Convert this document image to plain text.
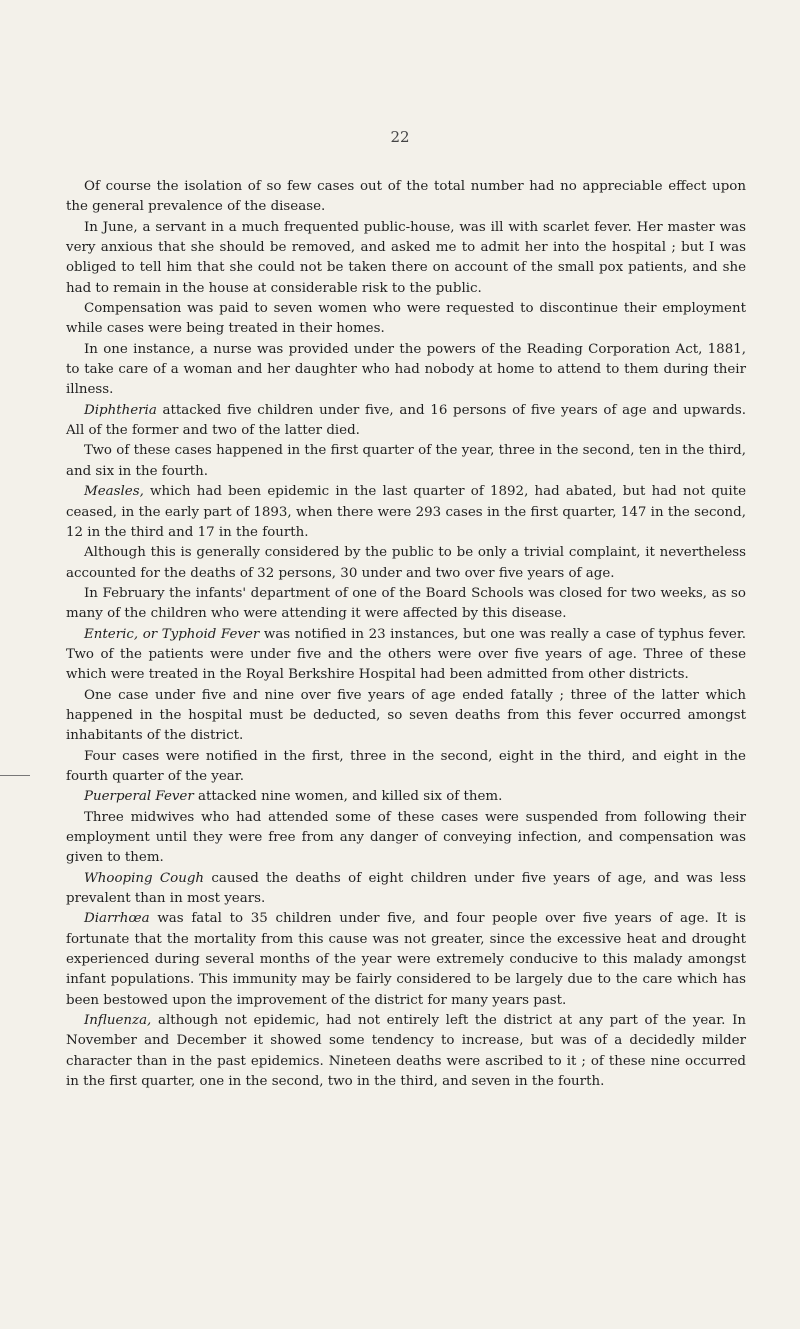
22

Of course the isolation of so few cases out of the total number had no appreciable effect upon the general prevalence of the disease.

In June, a servant in a much frequented public-house, was ill with scarlet fever. Her master was very anxious that she should be removed, and asked me to admit her into the hospital ; but I was obliged to tell him that she could not be taken there on account of the small pox patients, and she had to remain in the house at considerable risk to the public.

Compensation was paid to seven women who were requested to discontinue their employment while cases were being treated in their homes.

In one instance, a nurse was provided under the powers of the Reading Corporation Act, 1881, to take care of a woman and her daughter who had nobody at home to attend to them during their illness.

Diphtheria attacked five children under five, and 16 persons of five years of age and upwards. All of the former and two of the latter died.

Two of these cases happened in the first quarter of the year, three in the second, ten in the third, and six in the fourth.

Measles, which had been epidemic in the last quarter of 1892, had abated, but had not quite ceased, in the early part of 1893, when there were 293 cases in the first quarter, 147 in the second, 12 in the third and 17 in the fourth.

Although this is generally considered by the public to be only a trivial complaint, it nevertheless accounted for the deaths of 32 persons, 30 under and two over five years of age.

In February the infants' department of one of the Board Schools was closed for two weeks, as so many of the children who were attending it were affected by this disease.

Enteric, or Typhoid Fever was notified in 23 instances, but one was really a case of typhus fever. Two of the patients were under five and the others were over five years of age. Three of these which were treated in the Royal Berkshire Hospital had been admitted from other districts.

One case under five and nine over five years of age ended fatally ; three of the latter which happened in the hospital must be deducted, so seven deaths from this fever occurred amongst inhabitants of the district.

Four cases were notified in the first, three in the second, eight in the third, and eight in the fourth quarter of the year.

Puerperal Fever attacked nine women, and killed six of them.

Three midwives who had attended some of these cases were suspended from following their employment until they were free from any danger of conveying infection, and compensation was given to them.

Whooping Cough caused the deaths of eight children under five years of age, and was less prevalent than in most years.

Diarrhœa was fatal to 35 children under five, and four people over five years of age. It is fortunate that the mortality from this cause was not greater, since the excessive heat and drought experienced during several months of the year were extremely conducive to this malady amongst infant populations. This immunity may be fairly considered to be largely due to the care which has been bestowed upon the improvement of the district for many years past.

Influenza, although not epidemic, had not entirely left the district at any part of the year. In November and December it showed some tendency to increase, but was of a decidedly milder character than in the past epidemics. Nineteen deaths were ascribed to it ; of these nine occurred in the first quarter, one in the second, two in the third, and seven in the fourth.
